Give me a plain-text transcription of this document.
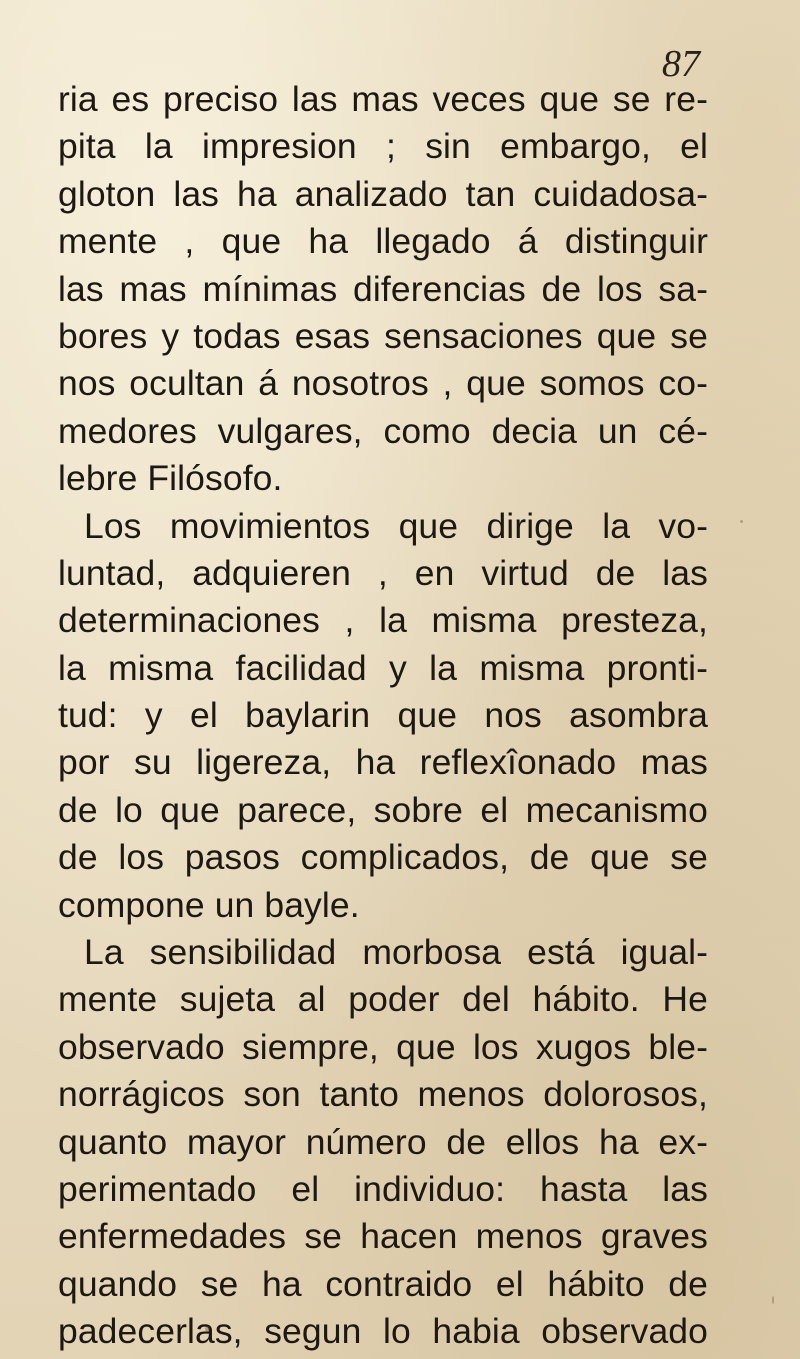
87
ria es preciso las mas veces que se re-
pita la impresion ; sin embargo, el
gloton las ha analizado tan cuidadosa-
mente , que ha llegado á distinguir
las mas mínimas diferencias de los sa-
bores y todas esas sensaciones que se
nos ocultan á nosotros , que somos co-
medores vulgares, como decia un cé-
lebre Filósofo.
Los movimientos que dirige la vo-
luntad, adquieren , en virtud de las
determinaciones , la misma presteza,
la misma facilidad y la misma pronti-
tud: y el baylarin que nos asombra
por su ligereza, ha reflexîonado mas
de lo que parece, sobre el mecanismo
de los pasos complicados, de que se
compone un bayle.
La sensibilidad morbosa está igual-
mente sujeta al poder del hábito. He
observado siempre, que los xugos ble-
norrágicos son tanto menos dolorosos,
quanto mayor número de ellos ha ex-
perimentado el individuo: hasta las
enfermedades se hacen menos graves
quando se ha contraido el hábito de
padecerlas, segun lo habia observado
